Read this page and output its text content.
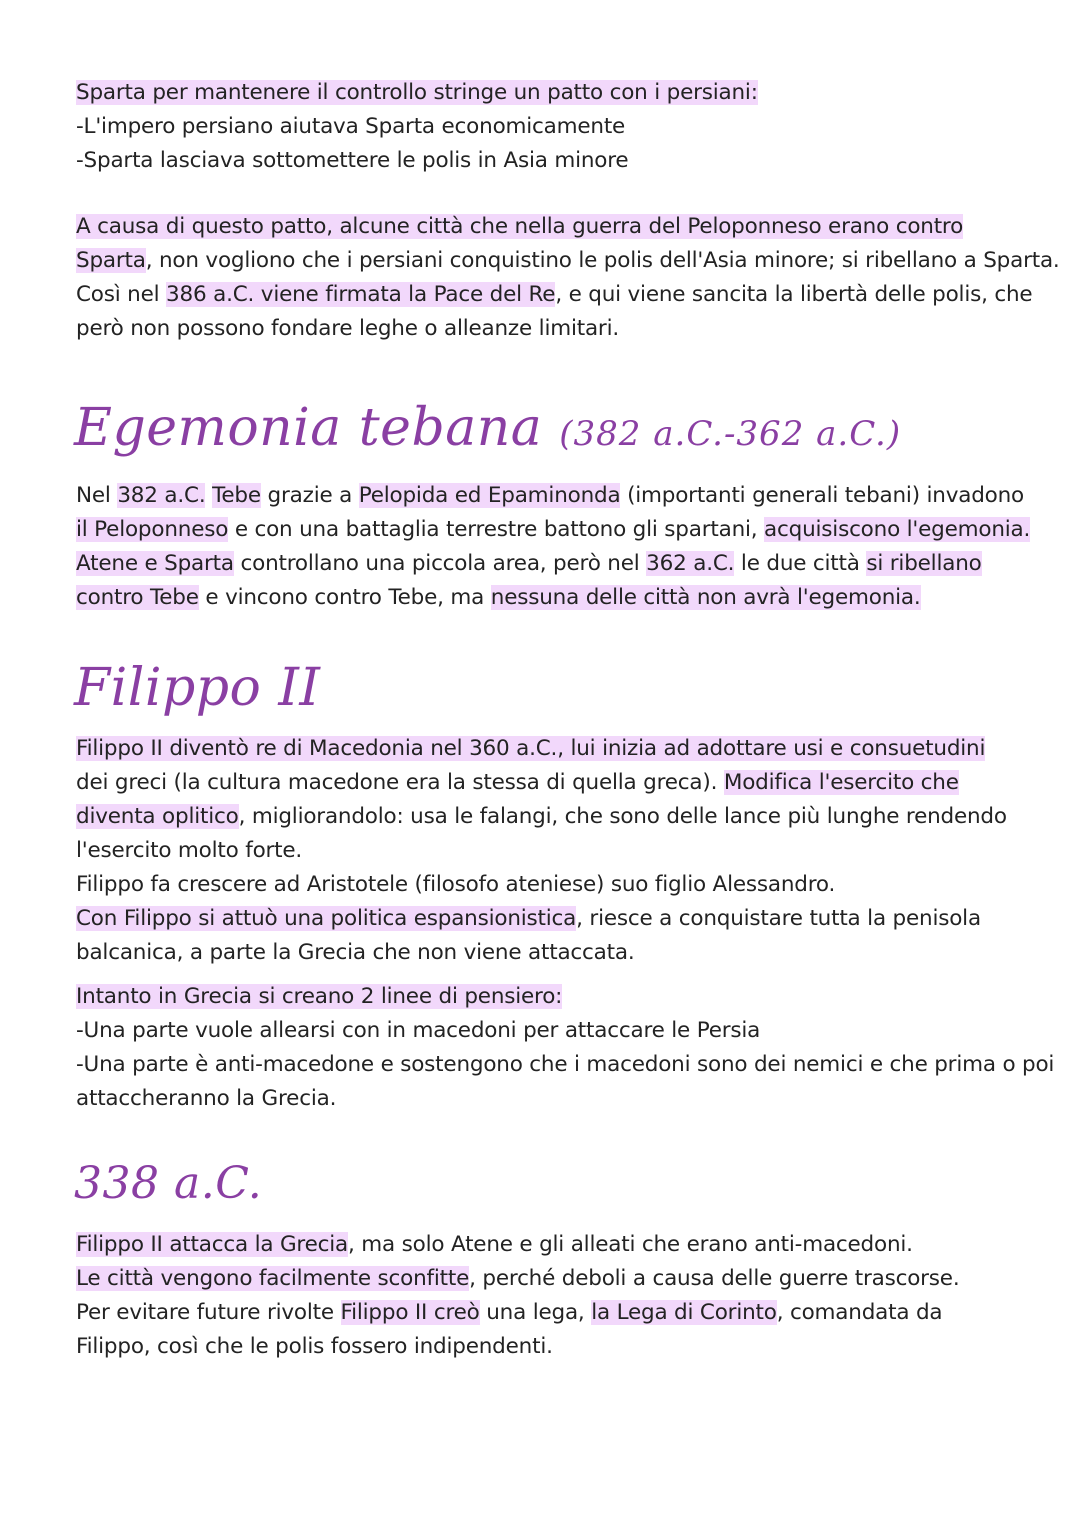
Sparta per mantenere il controllo stringe un patto con i persiani:
-L'impero persiano aiutava Sparta economicamente
-Sparta lasciava sottomettere le polis in Asia minore
A causa di questo patto, alcune città che nella guerra del Peloponneso erano contro
Sparta, non vogliono che i persiani conquistino le polis dell'Asia minore; si ribellano a Sparta.
Così nel 386 a.C. viene firmata la Pace del Re, e qui viene sancita la libertà delle polis, che
però non possono fondare leghe o alleanze limitari.
Egemonia tebana (382 a.C.-362 a.C.)
Nel 382 a.C. Tebe grazie a Pelopida ed Epaminonda (importanti generali tebani) invadono
il Peloponneso e con una battaglia terrestre battono gli spartani, acquisiscono l'egemonia.
Atene e Sparta controllano una piccola area, però nel 362 a.C. le due città si ribellano
contro Tebe e vincono contro Tebe, ma nessuna delle città non avrà l'egemonia.
Filippo II
Filippo II diventò re di Macedonia nel 360 a.C., lui inizia ad adottare usi e consuetudini
dei greci (la cultura macedone era la stessa di quella greca). Modifica l'esercito che
diventa oplitico, migliorandolo: usa le falangi, che sono delle lance più lunghe rendendo
l'esercito molto forte.
Filippo fa crescere ad Aristotele (filosofo ateniese) suo figlio Alessandro.
Con Filippo si attuò una politica espansionistica, riesce a conquistare tutta la penisola
balcanica, a parte la Grecia che non viene attaccata.
Intanto in Grecia si creano 2 linee di pensiero:
-Una parte vuole allearsi con in macedoni per attaccare le Persia
-Una parte è anti-macedone e sostengono che i macedoni sono dei nemici e che prima o poi
attaccheranno la Grecia.
338 a.C.
Filippo II attacca la Grecia, ma solo Atene e gli alleati che erano anti-macedoni.
Le città vengono facilmente sconfitte, perché deboli a causa delle guerre trascorse.
Per evitare future rivolte Filippo II creò una lega, la Lega di Corinto, comandata da
Filippo, così che le polis fossero indipendenti.
